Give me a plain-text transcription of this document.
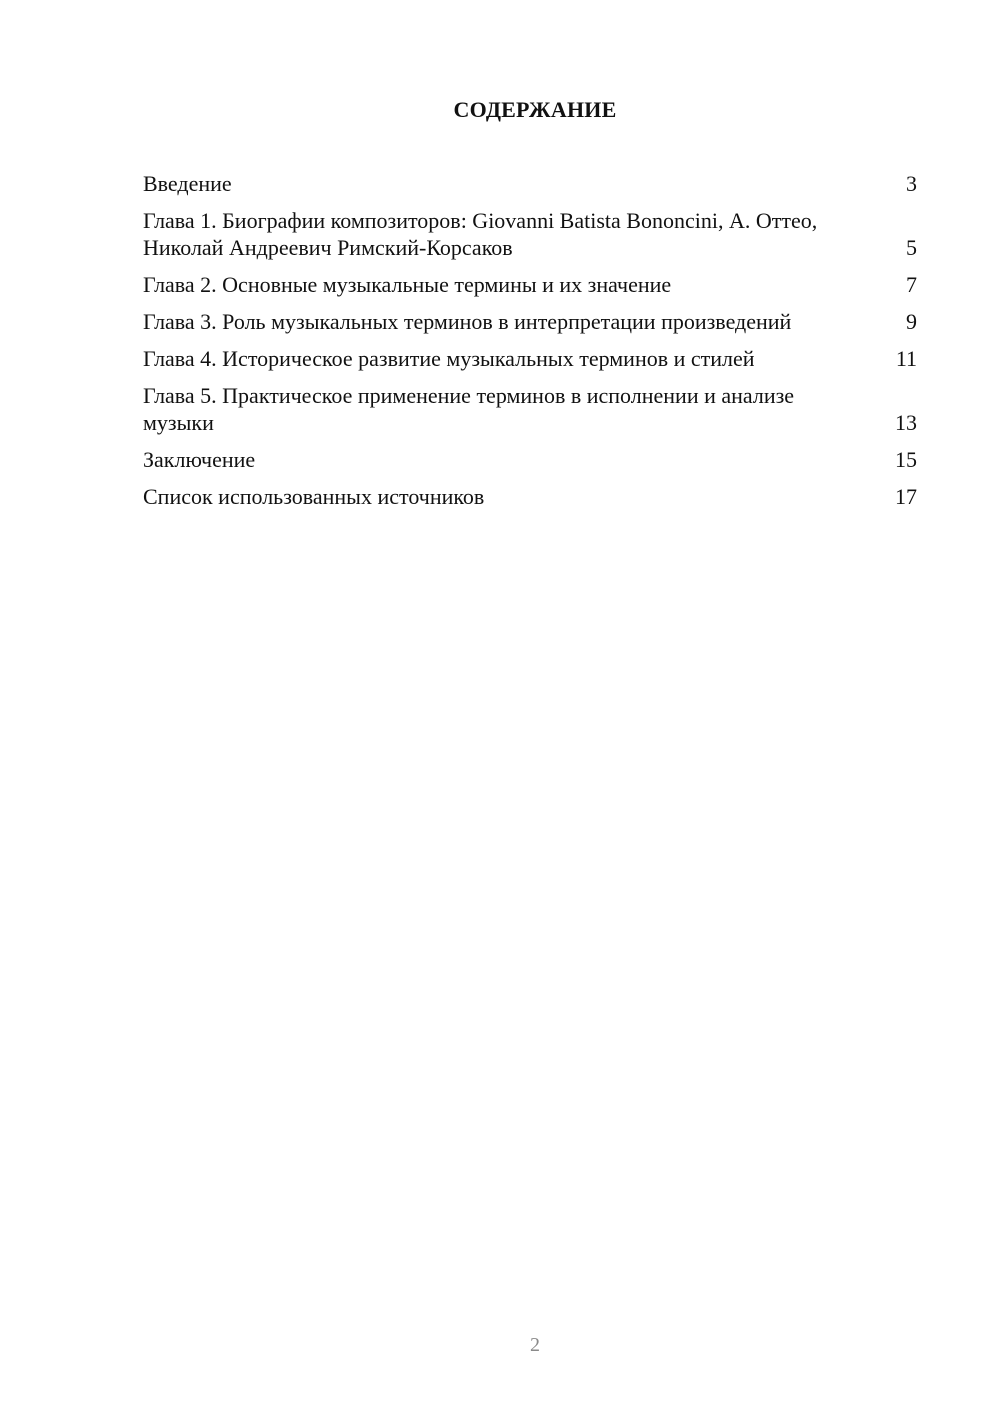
СОДЕРЖАНИЕ
Введение	3
Глава 1. Биографии композиторов: Giovanni Batista Bononcini, А. Оттео, Николай Андреевич Римский-Корсаков	5
Глава 2. Основные музыкальные термины и их значение	7
Глава 3. Роль музыкальных терминов в интерпретации произведений	9
Глава 4. Историческое развитие музыкальных терминов и стилей	11
Глава 5. Практическое применение терминов в исполнении и анализе музыки	13
Заключение	15
Список использованных источников	17
2
